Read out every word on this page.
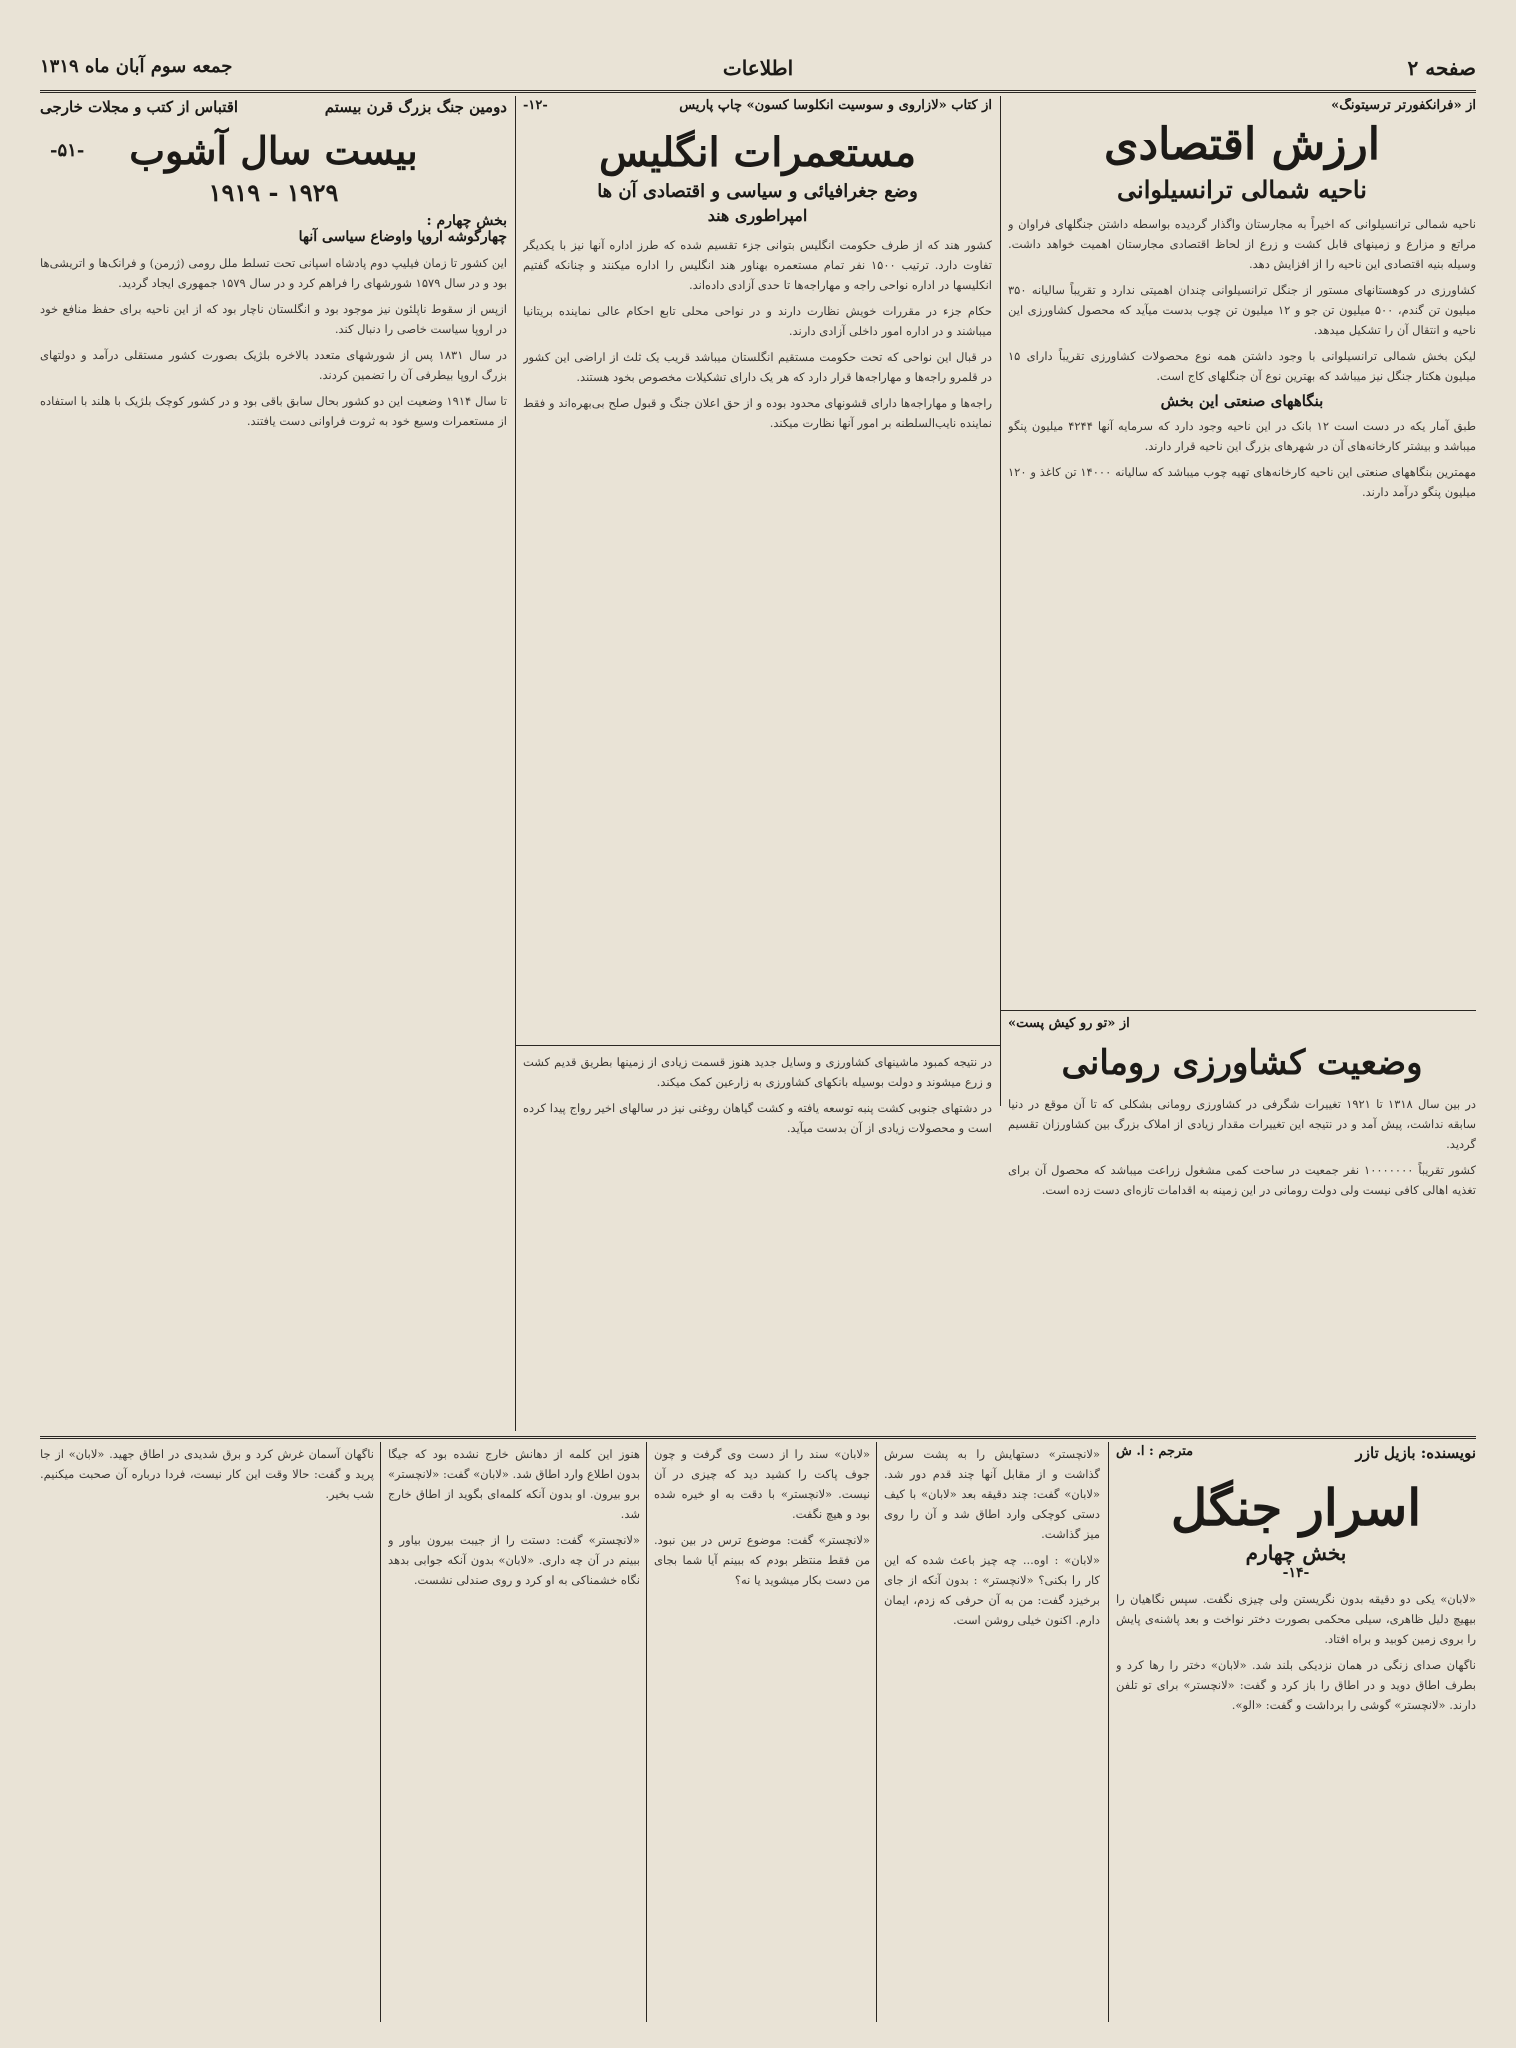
صفحه ۲
اطلاعات
جمعه سوم آبان ماه ۱۳۱۹
از «فرانکفورتر ترسیتونگ»
ارزش اقتصادی
ناحیه شمالی ترانسیلوانی

ناحیه شمالی ترانسیلوانی که اخیراً به مجارستان واگذار گردیده بواسطه داشتن جنگلهای فراوان و مراتع و مزارع و زمینهای قابل کشت و زرع از لحاظ اقتصادی مجارستان اهمیت خواهد داشت. وسیله بنیه اقتصادی این ناحیه را از افزایش دهد.

کشاورزی در کوهستانهای مستور از جنگل ترانسیلوانی چندان اهمیتی ندارد و تقریباً سالیانه ۳۵۰ میلیون تن گندم، ۵۰۰ میلیون تن جو و ۱۲ میلیون تن چوب بدست میآید که محصول کشاورزی این ناحیه و انتقال آن را تشکیل میدهد.

لیکن بخش شمالی ترانسیلوانی با وجود داشتن همه نوع محصولات کشاورزی تقریباً دارای ۱۵ میلیون هکتار جنگل نیز میباشد که بهترین نوع آن جنگلهای کاج است.

بنگاههای صنعتی این بخش

طبق آمار یکه در دست است ۱۲ بانک در این ناحیه وجود دارد که سرمایه آنها ۴۲۴۴ میلیون پنگو میباشد و بیشتر کارخانه‌های آن در شهرهای بزرگ این ناحیه قرار دارند.

مهمترین بنگاههای صنعتی این ناحیه کارخانه‌های تهیه چوب میباشد که سالیانه ۱۴۰۰۰ تن کاغذ و ۱۲۰ میلیون پنگو درآمد دارند.

از کتاب «لازاروی و سوسیت انکلوسا کسون» چاپ پاریس
-۱۲-
مستعمرات انگلیس
وضع جغرافیائی و سیاسی و اقتصادی آن ها
امپراطوری هند

کشور هند که از طرف حکومت انگلیس بتوانی جزء تقسیم شده که طرز اداره آنها نیز با یکدیگر تفاوت دارد. ترتیب ۱۵۰۰ نفر تمام مستعمره بهناور هند انگلیس را اداره میکنند و چنانکه گفتیم انکلیسها در اداره نواحی راجه و مهاراجه‌ها تا حدی آزادی داده‌اند.

حکام جزء در مقررات خویش نظارت دارند و در نواحی محلی تابع احکام عالی نماینده بریتانیا میباشند و در اداره امور داخلی آزادی دارند.

در قبال این نواحی که تحت حکومت مستقیم انگلستان میباشد قریب یک ثلث از اراضی این کشور در قلمرو راجه‌ها و مهاراجه‌ها قرار دارد که هر یک دارای تشکیلات مخصوص بخود هستند.

راجه‌ها و مهاراجه‌ها دارای قشونهای محدود بوده و از حق اعلان جنگ و قبول صلح بی‌بهره‌اند و فقط نماینده نایب‌السلطنه بر امور آنها نظارت میکند.

دومین جنگ بزرگ قرن بیستم
اقتباس از کتب و مجلات خارجی
بیست سال آشوب
-۵۱-
۱۹۲۹ - ۱۹۱۹
بخش چهارم :
چهارگوشه اروپا واوضاع سیاسی آنها

این کشور تا زمان فیلیپ دوم پادشاه اسپانی تحت تسلط ملل رومی (ژرمن) و فرانک‌ها و اتریشی‌ها بود و در سال ۱۵۷۹ شورشهای را فراهم کرد و در سال ۱۵۷۹ جمهوری ایجاد گردید.

ازپس از سقوط ناپلئون نیز موجود بود و انگلستان ناچار بود که از این ناحیه برای حفظ منافع خود در اروپا سیاست خاصی را دنبال کند.

در سال ۱۸۳۱ پس از شورشهای متعدد بالاخره بلژیک بصورت کشور مستقلی درآمد و دولتهای بزرگ اروپا بیطرفی آن را تضمین کردند.

تا سال ۱۹۱۴ وضعیت این دو کشور بحال سابق باقی بود و در کشور کوچک بلژیک با هلند با استفاده از مستعمرات وسیع خود به ثروت فراوانی دست یافتند.

از «تو رو کیش پست»
وضعیت کشاورزی رومانی

در بین سال ۱۳۱۸ تا ۱۹۲۱ تغییرات شگرفی در کشاورزی رومانی بشکلی که تا آن موقع در دنیا سابقه نداشت، پیش آمد و در نتیجه این تغییرات مقدار زیادی از املاک بزرگ بین کشاورزان تقسیم گردید.

کشور تقریباً ۱۰۰۰۰۰۰۰ نفر جمعیت در ساحت کمی مشغول زراعت میباشد که محصول آن برای تغذیه اهالی کافی نیست ولی دولت رومانی در این زمینه به اقدامات تازه‌ای دست زده است.

در نتیجه کمبود ماشینهای کشاورزی و وسایل جدید هنوز قسمت زیادی از زمینها بطریق قدیم کشت و زرع میشوند و دولت بوسیله بانکهای کشاورزی به زارعین کمک میکند.

در دشتهای جنوبی کشت پنبه توسعه یافته و کشت گیاهان روغنی نیز در سالهای اخیر رواج پیدا کرده است و محصولات زیادی از آن بدست میآید.

نویسنده: بازیل تازر
مترجم : ا. ش
اسرار جنگل
بخش چهارم
-۱۴-

«لابان» یکی دو دقیقه بدون نگریستن ولی چیزی نگفت. سپس نگاهیان را بیهیچ دلیل ظاهری، سیلی محکمی بصورت دختر نواخت و بعد پاشنه‌ی پایش را بروی زمین کوبید و براه افتاد.

ناگهان صدای زنگی در همان نزدیکی بلند شد. «لابان» دختر را رها کرد و بطرف اطاق دوید و در اطاق را باز کرد و گفت: «لانچستر» برای تو تلفن دارند. «لانچستر» گوشی را برداشت و گفت: «الو».

«لانچستر» دستهایش را به پشت سرش گذاشت و از مقابل آنها چند قدم دور شد. «لابان» گفت: چند دقیقه بعد «لابان» با کیف دستی کوچکی وارد اطاق شد و آن را روی میز گذاشت.

«لابان» : اوه... چه چیز باعث شده که این کار را بکنی؟ «لانچستر» : بدون آنکه از جای برخیزد گفت: من به آن حرفی که زدم، ایمان دارم. اکنون خیلی روشن است.

«لابان» سند را از دست وی گرفت و چون جوف پاکت را کشید دید که چیزی در آن نیست. «لانچستر» با دقت به او خیره شده بود و هیچ نگفت.

«لانچستر» گفت: موضوع ترس در بین نبود. من فقط منتظر بودم که ببینم آیا شما بجای من دست بکار میشوید یا نه؟

هنوز این کلمه از دهانش خارج نشده بود که جیگا بدون اطلاع وارد اطاق شد. «لابان» گفت: «لانچستر» برو بیرون. او بدون آنکه کلمه‌ای بگوید از اطاق خارج شد.

«لانچستر» گفت: دستت را از جیبت بیرون بیاور و ببینم در آن چه داری. «لابان» بدون آنکه جوابی بدهد نگاه خشمناکی به او کرد و روی صندلی نشست.

ناگهان آسمان غرش کرد و برق شدیدی در اطاق جهید. «لابان» از جا پرید و گفت: حالا وقت این کار نیست، فردا درباره آن صحبت میکنیم. شب بخیر.
